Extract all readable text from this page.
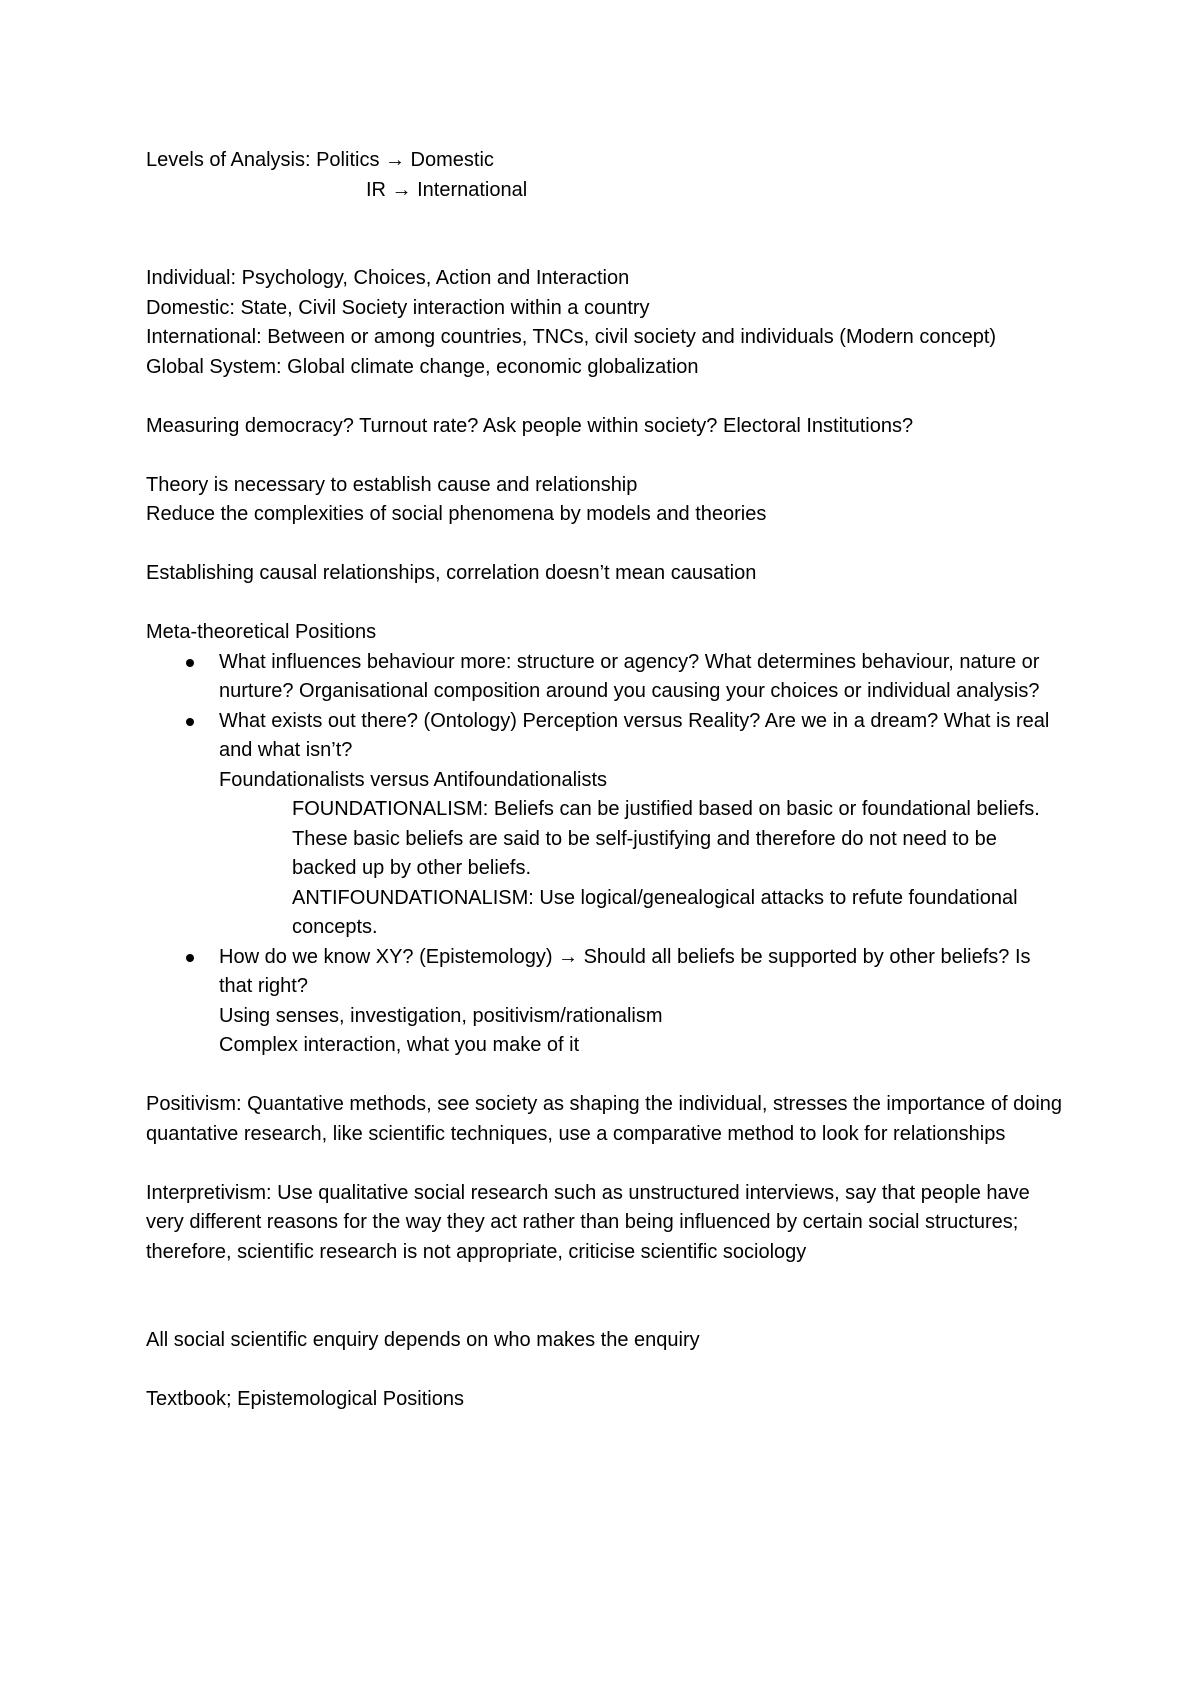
Levels of Analysis: Politics → Domestic
IR → International
Individual: Psychology, Choices, Action and Interaction
Domestic: State, Civil Society interaction within a country
International: Between or among countries, TNCs, civil society and individuals (Modern concept)
Global System: Global climate change, economic globalization
Measuring democracy? Turnout rate? Ask people within society? Electoral Institutions?
Theory is necessary to establish cause and relationship
Reduce the complexities of social phenomena by models and theories
Establishing causal relationships, correlation doesn’t mean causation
Meta-theoretical Positions
What influences behaviour more: structure or agency? What determines behaviour, nature or nurture? Organisational composition around you causing your choices or individual analysis?
What exists out there? (Ontology) Perception versus Reality? Are we in a dream? What is real and what isn’t?
Foundationalists versus Antifoundationalists
FOUNDATIONALISM: Beliefs can be justified based on basic or foundational beliefs. These basic beliefs are said to be self-justifying and therefore do not need to be backed up by other beliefs.
ANTIFOUNDATIONALISM: Use logical/genealogical attacks to refute foundational concepts.
How do we know XY? (Epistemology) → Should all beliefs be supported by other beliefs? Is that right?
Using senses, investigation, positivism/rationalism
Complex interaction, what you make of it
Positivism: Quantative methods, see society as shaping the individual, stresses the importance of doing quantative research, like scientific techniques, use a comparative method to look for relationships
Interpretivism: Use qualitative social research such as unstructured interviews, say that people have very different reasons for the way they act rather than being influenced by certain social structures; therefore, scientific research is not appropriate, criticise scientific sociology
All social scientific enquiry depends on who makes the enquiry
Textbook; Epistemological Positions
